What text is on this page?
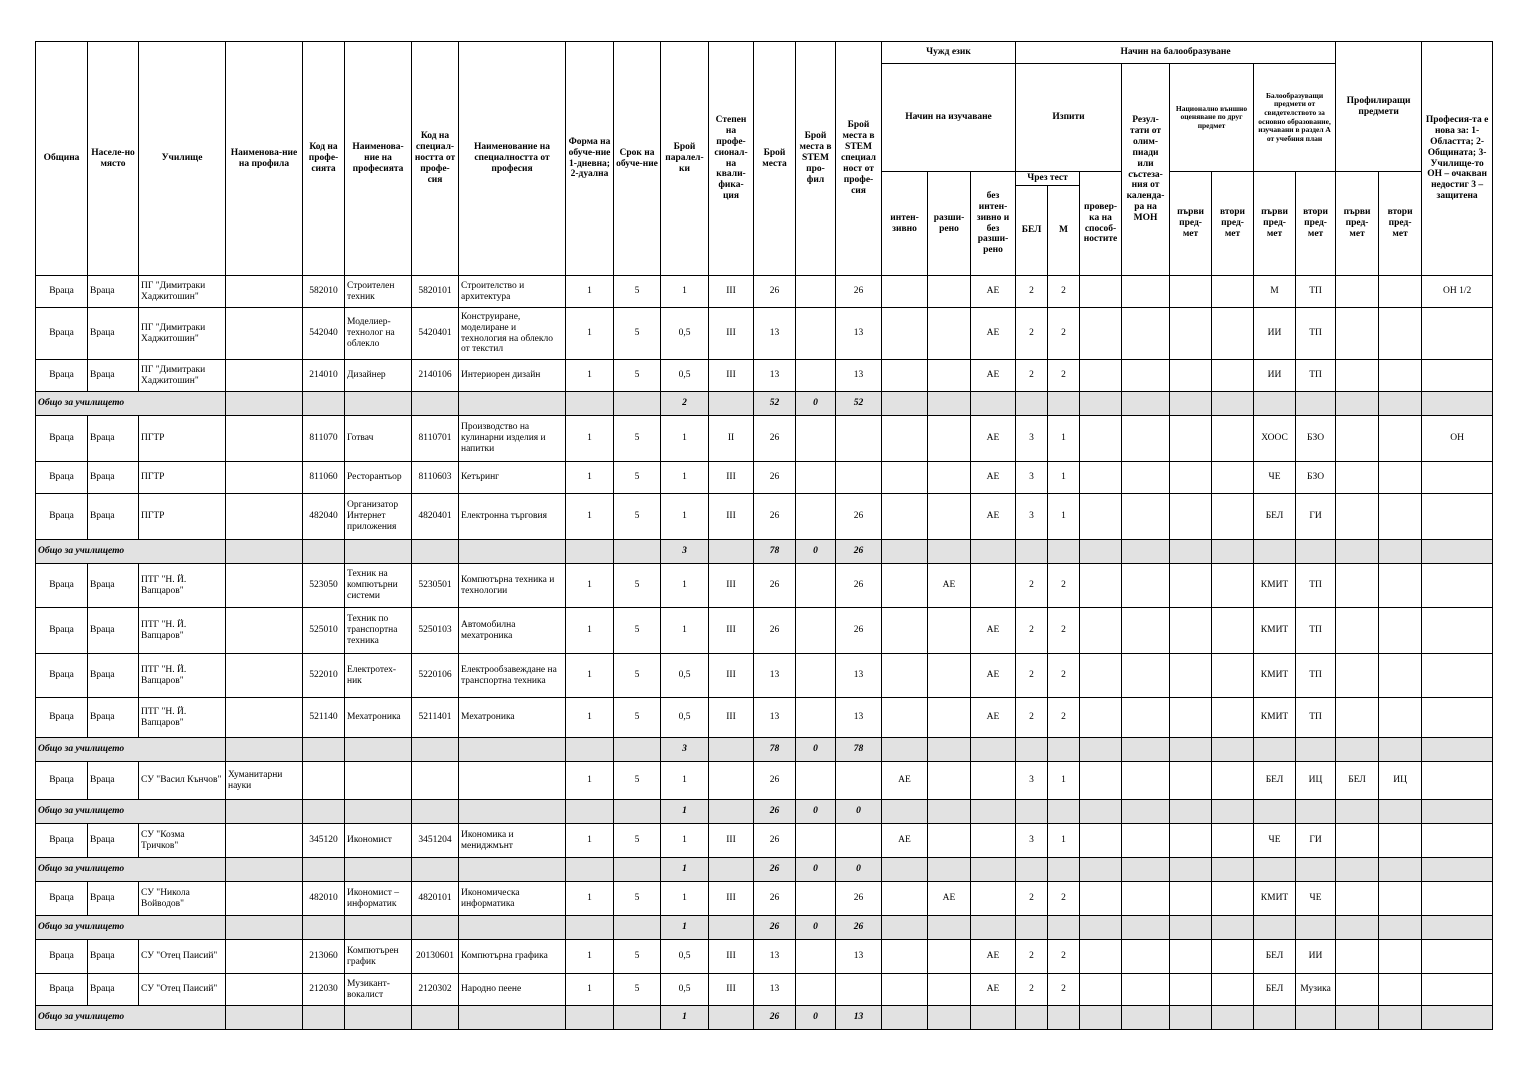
Община	Населе-но място	Училище	Наименова-ние на профила	Код на профе-сията	Наименова-ние на професията	Код на специал-ността от профе-сия	Наименование на специалността от професия	Форма на обуче-ние 1-дневна; 2-дуална	Срок на обуче-ние	Брой паралел-ки	Степен на профе-сионал-на квали-фика-ция	Брой места	Брой места в STEM про-фил	Брой места в STEM специал ност от профе-сия	Чужд език			Начин на балообразуване								Профилиращи предмети		Професия-та е нова за: 1- Областта; 2-Общината; 3-Училище-то ОН – очакван недостиг 3 – защитена
															Начин на изучаване			Изпити			Резул-тати от олим-пиади или състеза-ния от календа-ра на МОН	Национално външно оценяване по друг предмет		Балообразуващи предмети от свидетелството за основно образование, изучавани в раздел А от учебния план				
															интен-зивно	разши-рено	без интен-зивно и без разши-рено	Чрез тест		провер-ка на способ-ностите		първи пред-мет	втори пред-мет	първи пред-мет	втори пред-мет	първи пред-мет	втори пред-мет	
																		БЕЛ	М									
Враца	Враца	ПГ "Димитраки Хаджитошин"		582010	Строителен техник	5820101	Строителство и архитектура	1	5	1	III	26		26			АЕ	2	2					М	ТП			ОН 1/2
Враца	Враца	ПГ "Димитраки Хаджитошин"		542040	Моделиер-технолог на облекло	5420401	Конструиране, моделиране и технология на облекло от текстил	1	5	0,5	III	13		13			АЕ	2	2					ИИ	ТП			
Враца	Враца	ПГ "Димитраки Хаджитошин"		214010	Дизайнер	2140106	Интериорен дизайн	1	5	0,5	III	13		13			АЕ	2	2					ИИ	ТП			
Общо за училището										2		52	0	52														
Враца	Враца	ПГТР		811070	Готвач	8110701	Производство на кулинарни изделия и напитки	1	5	1	II	26					АЕ	3	1					ХООС	БЗО			ОН
Враца	Враца	ПГТР		811060	Ресторантьор	8110603	Кетъринг	1	5	1	III	26					АЕ	3	1					ЧЕ	БЗО			
Враца	Враца	ПГТР		482040	Организатор Интернет приложения	4820401	Електронна търговия	1	5	1	III	26		26			АЕ	3	1					БЕЛ	ГИ			
Общо за училището										3		78	0	26														
Враца	Враца	ПТГ "Н. Й. Вапцаров"		523050	Техник на компютърни системи	5230501	Компютърна техника и технологии	1	5	1	III	26		26		АЕ		2	2					КМИТ	ТП			
Враца	Враца	ПТГ "Н. Й. Вапцаров"		525010	Техник по транспортна техника	5250103	Автомобилна мехатроника	1	5	1	III	26		26			АЕ	2	2					КМИТ	ТП			
Враца	Враца	ПТГ "Н. Й. Вапцаров"		522010	Електротех-ник	5220106	Електрообзавеждане на транспортна техника	1	5	0,5	III	13		13			АЕ	2	2					КМИТ	ТП			
Враца	Враца	ПТГ "Н. Й. Вапцаров"		521140	Мехатроника	5211401	Мехатроника	1	5	0,5	III	13		13			АЕ	2	2					КМИТ	ТП			
Общо за училището										3		78	0	78														
Враца	Враца	СУ "Васил Кънчов"	Хуманитарни науки					1	5	1		26			АЕ			3	1					БЕЛ	ИЦ	БЕЛ	ИЦ	
Общо за училището										1		26	0	0														
Враца	Враца	СУ "Козма Тричков"		345120	Икономист	3451204	Икономика и мениджмънт	1	5	1	III	26			АЕ			3	1					ЧЕ	ГИ			
Общо за училището										1		26	0	0														
Враца	Враца	СУ "Никола Войводов"		482010	Икономист – информатик	4820101	Икономическа информатика	1	5	1	III	26		26		АЕ		2	2					КМИТ	ЧЕ			
Общо за училището										1		26	0	26														
Враца	Враца	СУ "Отец Паисий"		213060	Компютърен график	20130601	Компютърна графика	1	5	0,5	III	13		13			АЕ	2	2					БЕЛ	ИИ			
Враца	Враца	СУ "Отец Паисий"		212030	Музикант-вокалист	2120302	Народно пеене	1	5	0,5	III	13					АЕ	2	2					БЕЛ	Музика			
Общо за училището										1		26	0	13														
